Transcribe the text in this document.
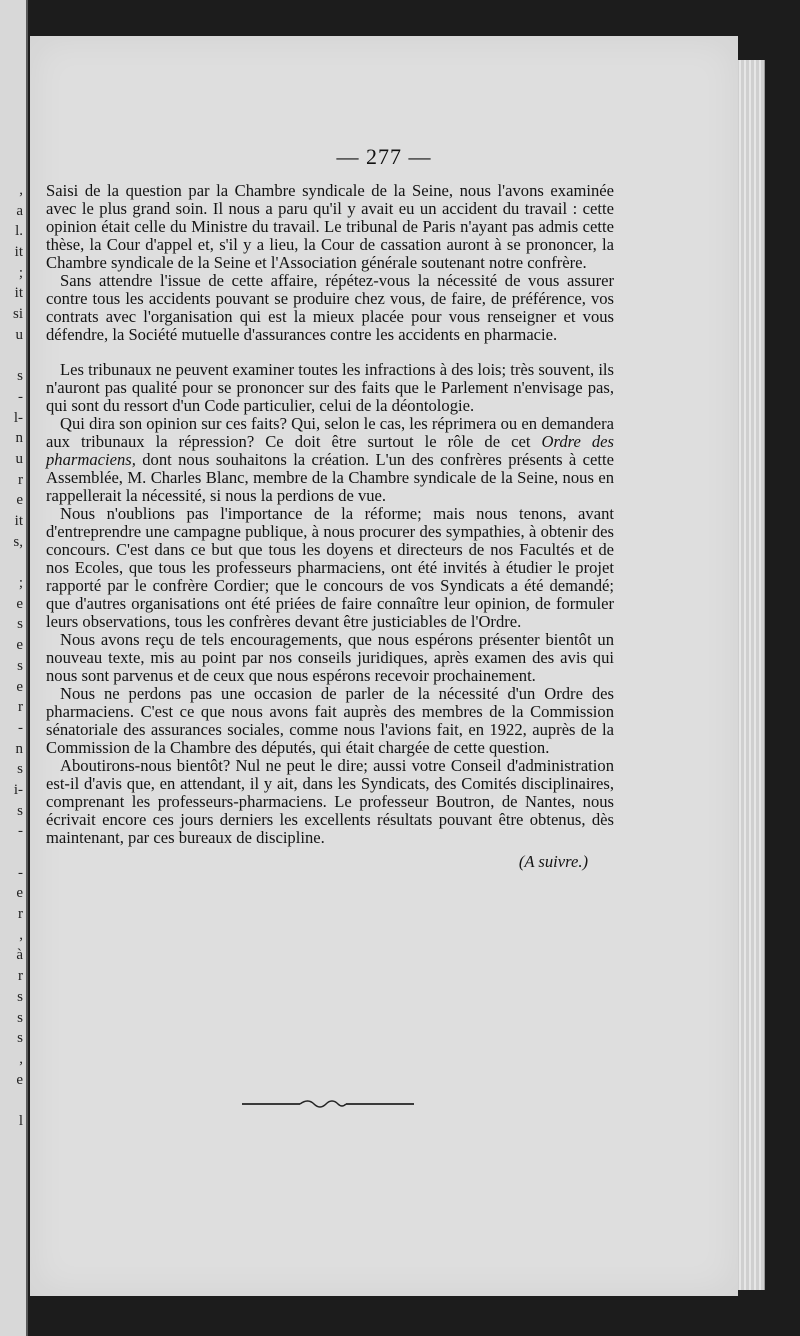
,
a
l.
it
;
it
si
u
s
-
l-
n
u
r
e
it
s,
;
e
s
e
s
e
r
-
n
s
i-
s
-
-
e
r
,
à
r
s
s
s
,
e
l
— 277 —

Saisi de la question par la Chambre syndicale de la Seine, nous l'avons examinée avec le plus grand soin. Il nous a paru qu'il y avait eu un accident du travail : cette opinion était celle du Ministre du travail. Le tribunal de Paris n'ayant pas admis cette thèse, la Cour d'appel et, s'il y a lieu, la Cour de cassation auront à se prononcer, la Chambre syndicale de la Seine et l'Association générale soutenant notre confrère.

Sans attendre l'issue de cette affaire, répétez-vous la nécessité de vous assurer contre tous les accidents pouvant se produire chez vous, de faire, de préférence, vos contrats avec l'organisation qui est la mieux placée pour vous renseigner et vous défendre, la Société mutuelle d'assurances contre les accidents en pharmacie.

Les tribunaux ne peuvent examiner toutes les infractions à des lois; très souvent, ils n'auront pas qualité pour se prononcer sur des faits que le Parlement n'envisage pas, qui sont du ressort d'un Code particulier, celui de la déontologie.

Qui dira son opinion sur ces faits? Qui, selon le cas, les réprimera ou en demandera aux tribunaux la répression? Ce doit être surtout le rôle de cet Ordre des pharmaciens, dont nous souhaitons la création. L'un des confrères présents à cette Assemblée, M. Charles Blanc, membre de la Chambre syndicale de la Seine, nous en rappellerait la nécessité, si nous la perdions de vue.

Nous n'oublions pas l'importance de la réforme; mais nous tenons, avant d'entreprendre une campagne publique, à nous procurer des sympathies, à obtenir des concours. C'est dans ce but que tous les doyens et directeurs de nos Facultés et de nos Ecoles, que tous les professeurs pharmaciens, ont été invités à étudier le projet rapporté par le confrère Cordier; que le concours de vos Syndicats a été demandé; que d'autres organisations ont été priées de faire connaître leur opinion, de formuler leurs observations, tous les confrères devant être justiciables de l'Ordre.

Nous avons reçu de tels encouragements, que nous espérons présenter bientôt un nouveau texte, mis au point par nos conseils juridiques, après examen des avis qui nous sont parvenus et de ceux que nous espérons recevoir prochainement.

Nous ne perdons pas une occasion de parler de la nécessité d'un Ordre des pharmaciens. C'est ce que nous avons fait auprès des membres de la Commission sénatoriale des assurances sociales, comme nous l'avions fait, en 1922, auprès de la Commission de la Chambre des députés, qui était chargée de cette question.

Aboutirons-nous bientôt? Nul ne peut le dire; aussi votre Conseil d'administration est-il d'avis que, en attendant, il y ait, dans les Syndicats, des Comités disciplinaires, comprenant les professeurs-pharmaciens. Le professeur Boutron, de Nantes, nous écrivait encore ces jours derniers les excellents résultats pouvant être obtenus, dès maintenant, par ces bureaux de discipline.

(A suivre.)
